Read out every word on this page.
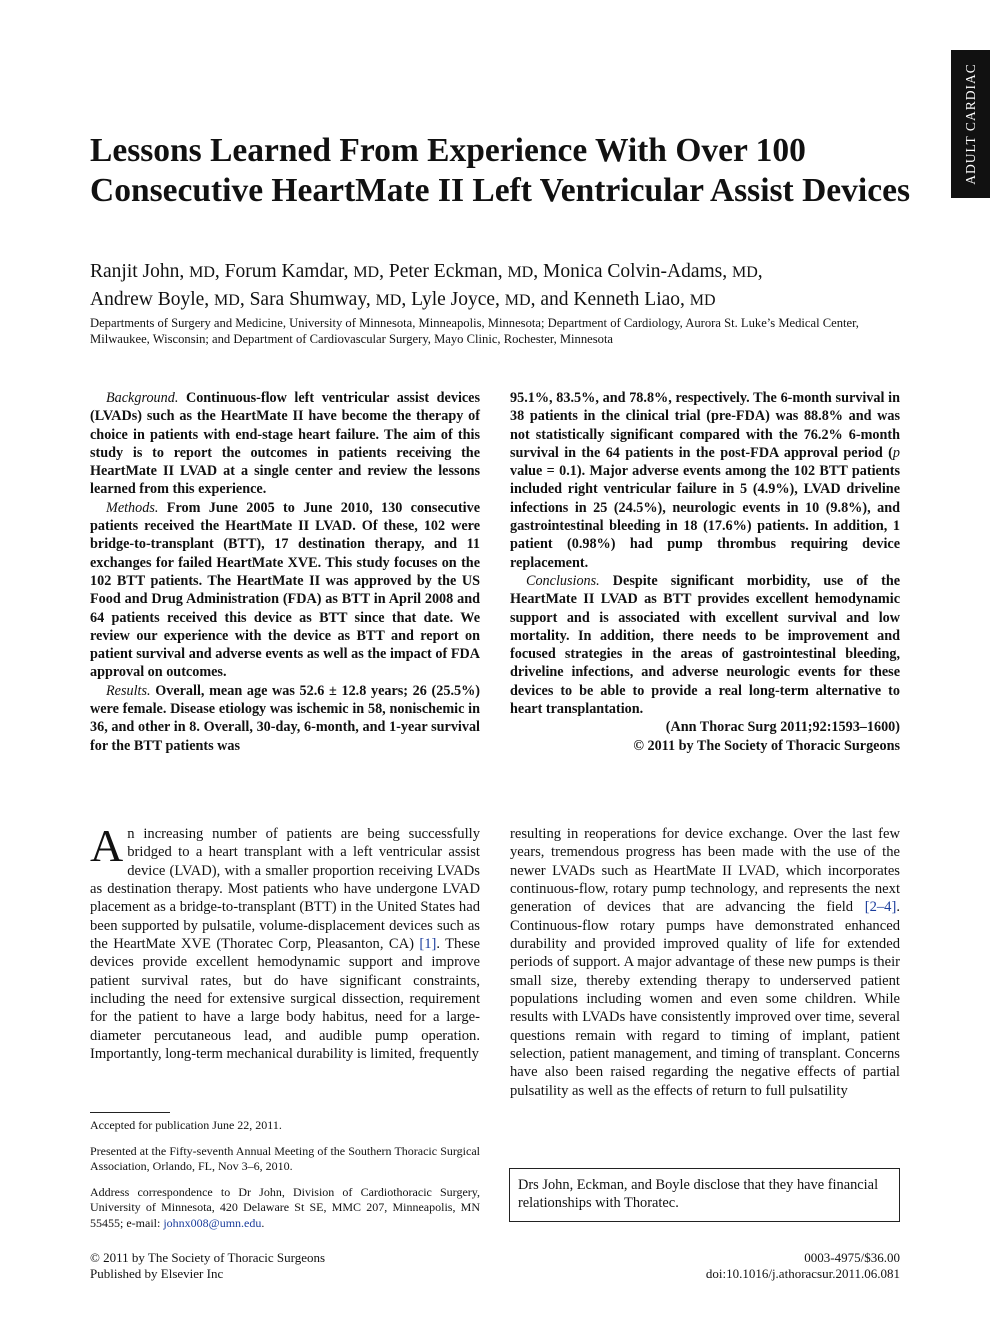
ADULT CARDIAC
Lessons Learned From Experience With Over 100 Consecutive HeartMate II Left Ventricular Assist Devices
Ranjit John, MD, Forum Kamdar, MD, Peter Eckman, MD, Monica Colvin-Adams, MD,
Andrew Boyle, MD, Sara Shumway, MD, Lyle Joyce, MD, and Kenneth Liao, MD
Departments of Surgery and Medicine, University of Minnesota, Minneapolis, Minnesota; Department of Cardiology, Aurora St. Luke’s Medical Center, Milwaukee, Wisconsin; and Department of Cardiovascular Surgery, Mayo Clinic, Rochester, Minnesota

Background. Continuous-flow left ventricular assist devices (LVADs) such as the HeartMate II have become the therapy of choice in patients with end-stage heart failure. The aim of this study is to report the outcomes in patients receiving the HeartMate II LVAD at a single center and review the lessons learned from this experience.

Methods. From June 2005 to June 2010, 130 consecutive patients received the HeartMate II LVAD. Of these, 102 were bridge-to-transplant (BTT), 17 destination therapy, and 11 exchanges for failed HeartMate XVE. This study focuses on the 102 BTT patients. The HeartMate II was approved by the US Food and Drug Administration (FDA) as BTT in April 2008 and 64 patients received this device as BTT since that date. We review our experience with the device as BTT and report on patient survival and adverse events as well as the impact of FDA approval on outcomes.

Results. Overall, mean age was 52.6 ± 12.8 years; 26 (25.5%) were female. Disease etiology was ischemic in 58, nonischemic in 36, and other in 8. Overall, 30-day, 6-month, and 1-year survival for the BTT patients was

95.1%, 83.5%, and 78.8%, respectively. The 6-month survival in 38 patients in the clinical trial (pre-FDA) was 88.8% and was not statistically significant compared with the 76.2% 6-month survival in the 64 patients in the post-FDA approval period (p value = 0.1). Major adverse events among the 102 BTT patients included right ventricular failure in 5 (4.9%), LVAD driveline infections in 25 (24.5%), neurologic events in 10 (9.8%), and gastrointestinal bleeding in 18 (17.6%) patients. In addition, 1 patient (0.98%) had pump thrombus requiring device replacement.

Conclusions. Despite significant morbidity, use of the HeartMate II LVAD as BTT provides excellent hemodynamic support and is associated with excellent survival and low mortality. In addition, there needs to be improvement and focused strategies in the areas of gastrointestinal bleeding, driveline infections, and adverse neurologic events for these devices to be able to provide a real long-term alternative to heart transplantation.

(Ann Thorac Surg 2011;92:1593–1600)

© 2011 by The Society of Thoracic Surgeons

An increasing number of patients are being successfully bridged to a heart transplant with a left ventricular assist device (LVAD), with a smaller proportion receiving LVADs as destination therapy. Most patients who have undergone LVAD placement as a bridge-to-transplant (BTT) in the United States had been supported by pulsatile, volume-displacement devices such as the HeartMate XVE (Thoratec Corp, Pleasanton, CA) [1]. These devices provide excellent hemodynamic support and improve patient survival rates, but do have significant constraints, including the need for extensive surgical dissection, requirement for the patient to have a large body habitus, need for a large-diameter percutaneous lead, and audible pump operation. Importantly, long-term mechanical durability is limited, frequently

resulting in reoperations for device exchange. Over the last few years, tremendous progress has been made with the use of the newer LVADs such as HeartMate II LVAD, which incorporates continuous-flow, rotary pump technology, and represents the next generation of devices that are advancing the field [2–4]. Continuous-flow rotary pumps have demonstrated enhanced durability and provided improved quality of life for extended periods of support. A major advantage of these new pumps is their small size, thereby extending therapy to underserved patient populations including women and even some children. While results with LVADs have consistently improved over time, several questions remain with regard to timing of implant, patient selection, patient management, and timing of transplant. Concerns have also been raised regarding the negative effects of partial pulsatility as well as the effects of return to full pulsatility

Accepted for publication June 22, 2011.

Presented at the Fifty-seventh Annual Meeting of the Southern Thoracic Surgical Association, Orlando, FL, Nov 3–6, 2010.

Address correspondence to Dr John, Division of Cardiothoracic Surgery, University of Minnesota, 420 Delaware St SE, MMC 207, Minneapolis, MN 55455; e-mail: johnx008@umn.edu.

Drs John, Eckman, and Boyle disclose that they have financial relationships with Thoratec.
© 2011 by The Society of Thoracic Surgeons
Published by Elsevier Inc
0003-4975/$36.00
doi:10.1016/j.athoracsur.2011.06.081
